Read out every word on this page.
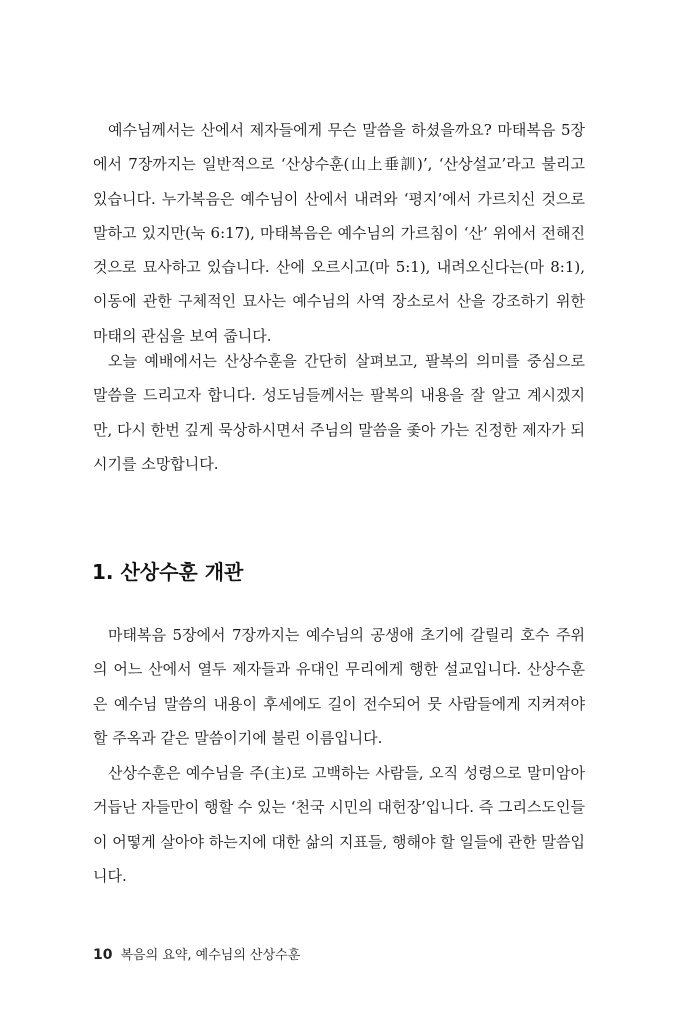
예수님께서는 산에서 제자들에게 무슨 말씀을 하셨을까요? 마태복음 5장에서 7장까지는 일반적으로 ‘산상수훈(山上垂訓)’, ‘산상설교’라고 불리고 있습니다. 누가복음은 예수님이 산에서 내려와 ‘평지’에서 가르치신 것으로 말하고 있지만(눅 6:17), 마태복음은 예수님의 가르침이 ‘산’ 위에서 전해진 것으로 묘사하고 있습니다. 산에 오르시고(마 5:1), 내려오신다는(마 8:1), 이동에 관한 구체적인 묘사는 예수님의 사역 장소로서 산을 강조하기 위한 마태의 관심을 보여 줍니다.

오늘 예배에서는 산상수훈을 간단히 살펴보고, 팔복의 의미를 중심으로 말씀을 드리고자 합니다. 성도님들께서는 팔복의 내용을 잘 알고 계시겠지만, 다시 한번 깊게 묵상하시면서 주님의 말씀을 좇아 가는 진정한 제자가 되시기를 소망합니다.

1. 산상수훈 개관

마태복음 5장에서 7장까지는 예수님의 공생애 초기에 갈릴리 호수 주위의 어느 산에서 열두 제자들과 유대인 무리에게 행한 설교입니다. 산상수훈은 예수님 말씀의 내용이 후세에도 길이 전수되어 뭇 사람들에게 지켜져야 할 주옥과 같은 말씀이기에 불린 이름입니다.

산상수훈은 예수님을 주(主)로 고백하는 사람들, 오직 성령으로 말미암아 거듭난 자들만이 행할 수 있는 ‘천국 시민의 대헌장’입니다. 즉 그리스도인들이 어떻게 살아야 하는지에 대한 삶의 지표들, 행해야 할 일들에 관한 말씀입니다.

10 복음의 요약, 예수님의 산상수훈
